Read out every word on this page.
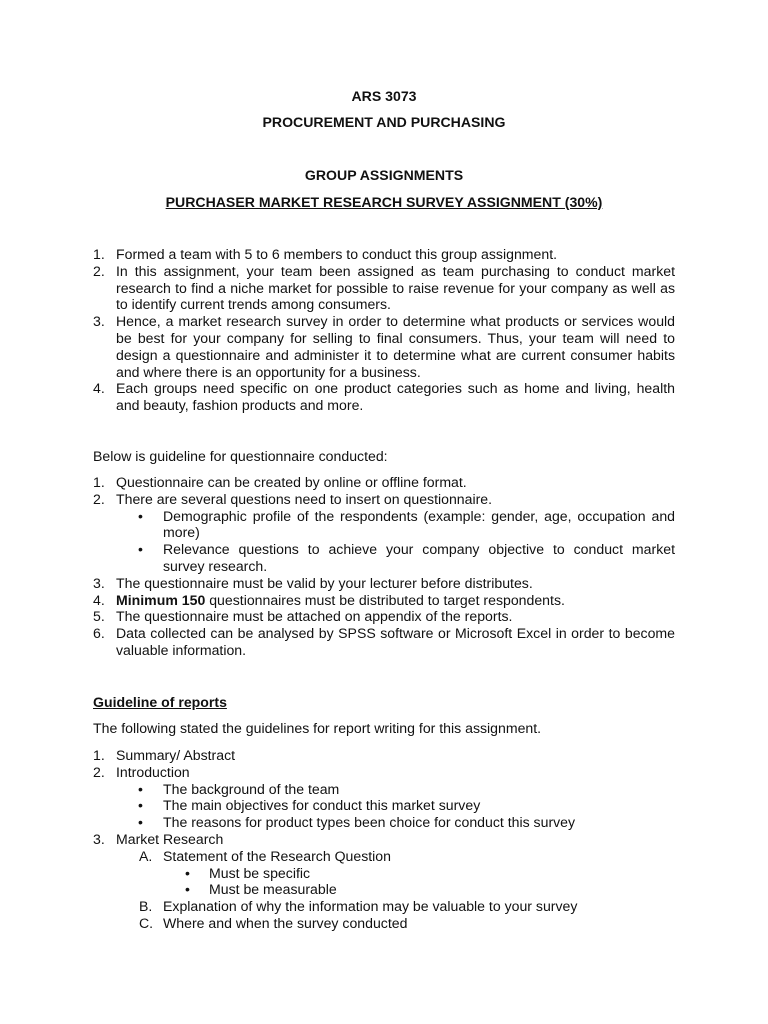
ARS 3073
PROCUREMENT AND PURCHASING
GROUP ASSIGNMENTS
PURCHASER MARKET RESEARCH SURVEY ASSIGNMENT (30%)
1. Formed a team with 5 to 6 members to conduct this group assignment.
2. In this assignment, your team been assigned as team purchasing to conduct market research to find a niche market for possible to raise revenue for your company as well as to identify current trends among consumers.
3. Hence, a market research survey in order to determine what products or services would be best for your company for selling to final consumers. Thus, your team will need to design a questionnaire and administer it to determine what are current consumer habits and where there is an opportunity for a business.
4. Each groups need specific on one product categories such as home and living, health and beauty, fashion products and more.
Below is guideline for questionnaire conducted:
1. Questionnaire can be created by online or offline format.
2. There are several questions need to insert on questionnaire.
• Demographic profile of the respondents (example: gender, age, occupation and more)
• Relevance questions to achieve your company objective to conduct market survey research.
3. The questionnaire must be valid by your lecturer before distributes.
4. Minimum 150 questionnaires must be distributed to target respondents.
5. The questionnaire must be attached on appendix of the reports.
6. Data collected can be analysed by SPSS software or Microsoft Excel in order to become valuable information.
Guideline of reports
The following stated the guidelines for report writing for this assignment.
1. Summary/ Abstract
2. Introduction
• The background of the team
• The main objectives for conduct this market survey
• The reasons for product types been choice for conduct this survey
3. Market Research
A. Statement of the Research Question
• Must be specific
• Must be measurable
B. Explanation of why the information may be valuable to your survey
C. Where and when the survey conducted
